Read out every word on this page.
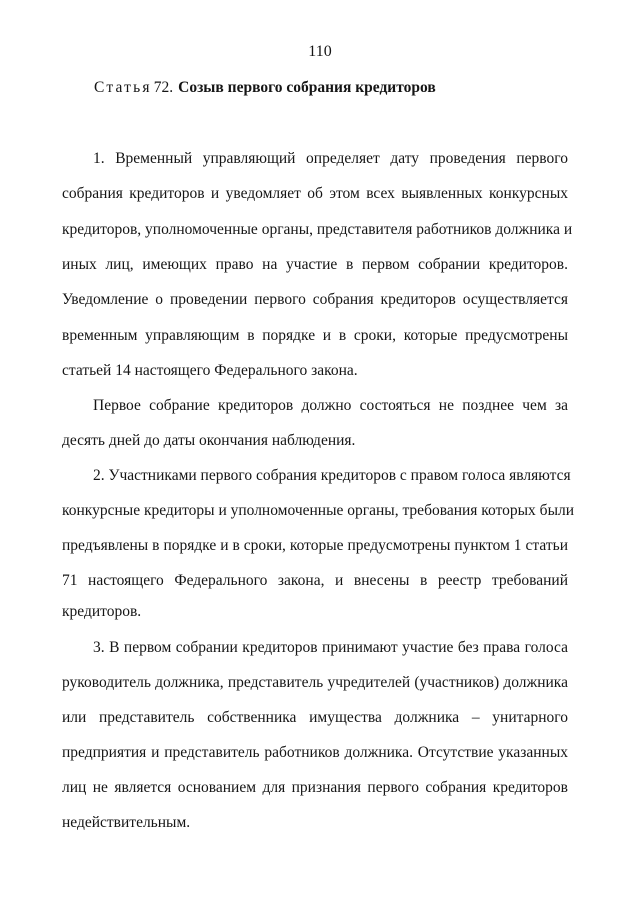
110
Статья 72. Созыв первого собрания кредиторов
1. Временный управляющий определяет дату проведения первого
собрания кредиторов и уведомляет об этом всех выявленных конкурсных
кредиторов, уполномоченные органы, представителя работников должника и
иных лиц, имеющих право на участие в первом собрании кредиторов.
Уведомление о проведении первого собрания кредиторов осуществляется
временным управляющим в порядке и в сроки, которые предусмотрены
статьей 14 настоящего Федерального закона.
Первое собрание кредиторов должно состояться не позднее чем за
десять дней до даты окончания наблюдения.
2. Участниками первого собрания кредиторов с правом голоса являются
конкурсные кредиторы и уполномоченные органы, требования которых были
предъявлены в порядке и в сроки, которые предусмотрены пунктом 1 статьи
71 настоящего Федерального закона, и внесены в реестр требований
кредиторов.
3. В первом собрании кредиторов принимают участие без права голоса
руководитель должника, представитель учредителей (участников) должника
или представитель собственника имущества должника – унитарного
предприятия и представитель работников должника. Отсутствие указанных
лиц не является основанием для признания первого собрания кредиторов
недействительным.
